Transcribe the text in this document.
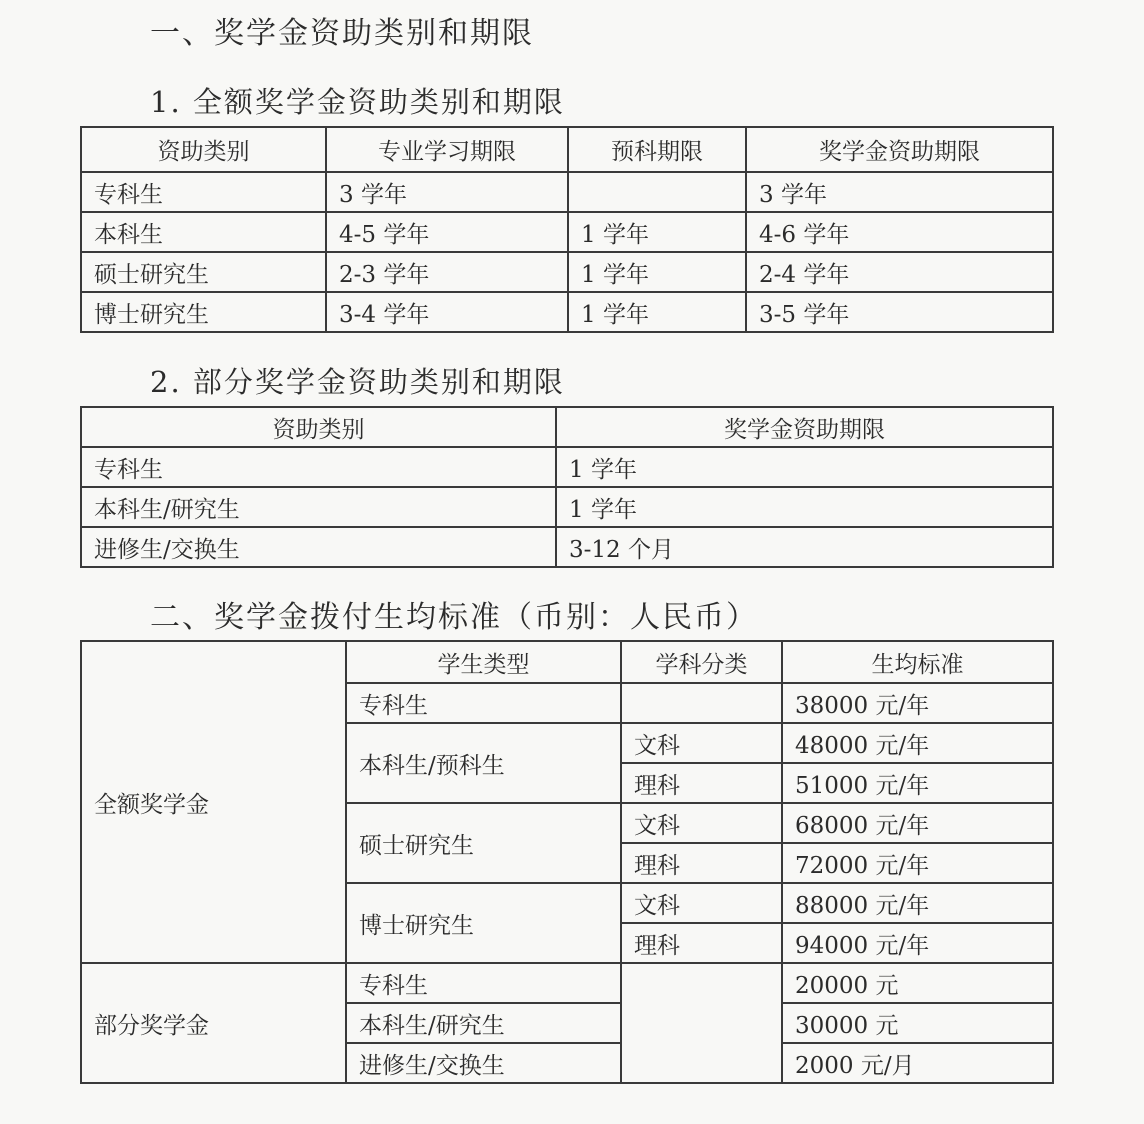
一、奖学金资助类别和期限
1. 全额奖学金资助类别和期限
资助类别	专业学习期限	预科期限	奖学金资助期限
专科生	3 学年		3 学年
本科生	4-5 学年	1 学年	4-6 学年
硕士研究生	2-3 学年	1 学年	2-4 学年
博士研究生	3-4 学年	1 学年	3-5 学年
2. 部分奖学金资助类别和期限
资助类别	奖学金资助期限
专科生	1 学年
本科生/研究生	1 学年
进修生/交换生	3-12 个月
二、奖学金拨付生均标准（币别：人民币）
全额奖学金	学生类型	学科分类	生均标准
	专科生		38000 元/年
	本科生/预科生	文科	48000 元/年
		理科	51000 元/年
	硕士研究生	文科	68000 元/年
		理科	72000 元/年
	博士研究生	文科	88000 元/年
		理科	94000 元/年
部分奖学金	专科生		20000 元
	本科生/研究生		30000 元
	进修生/交换生		2000 元/月
